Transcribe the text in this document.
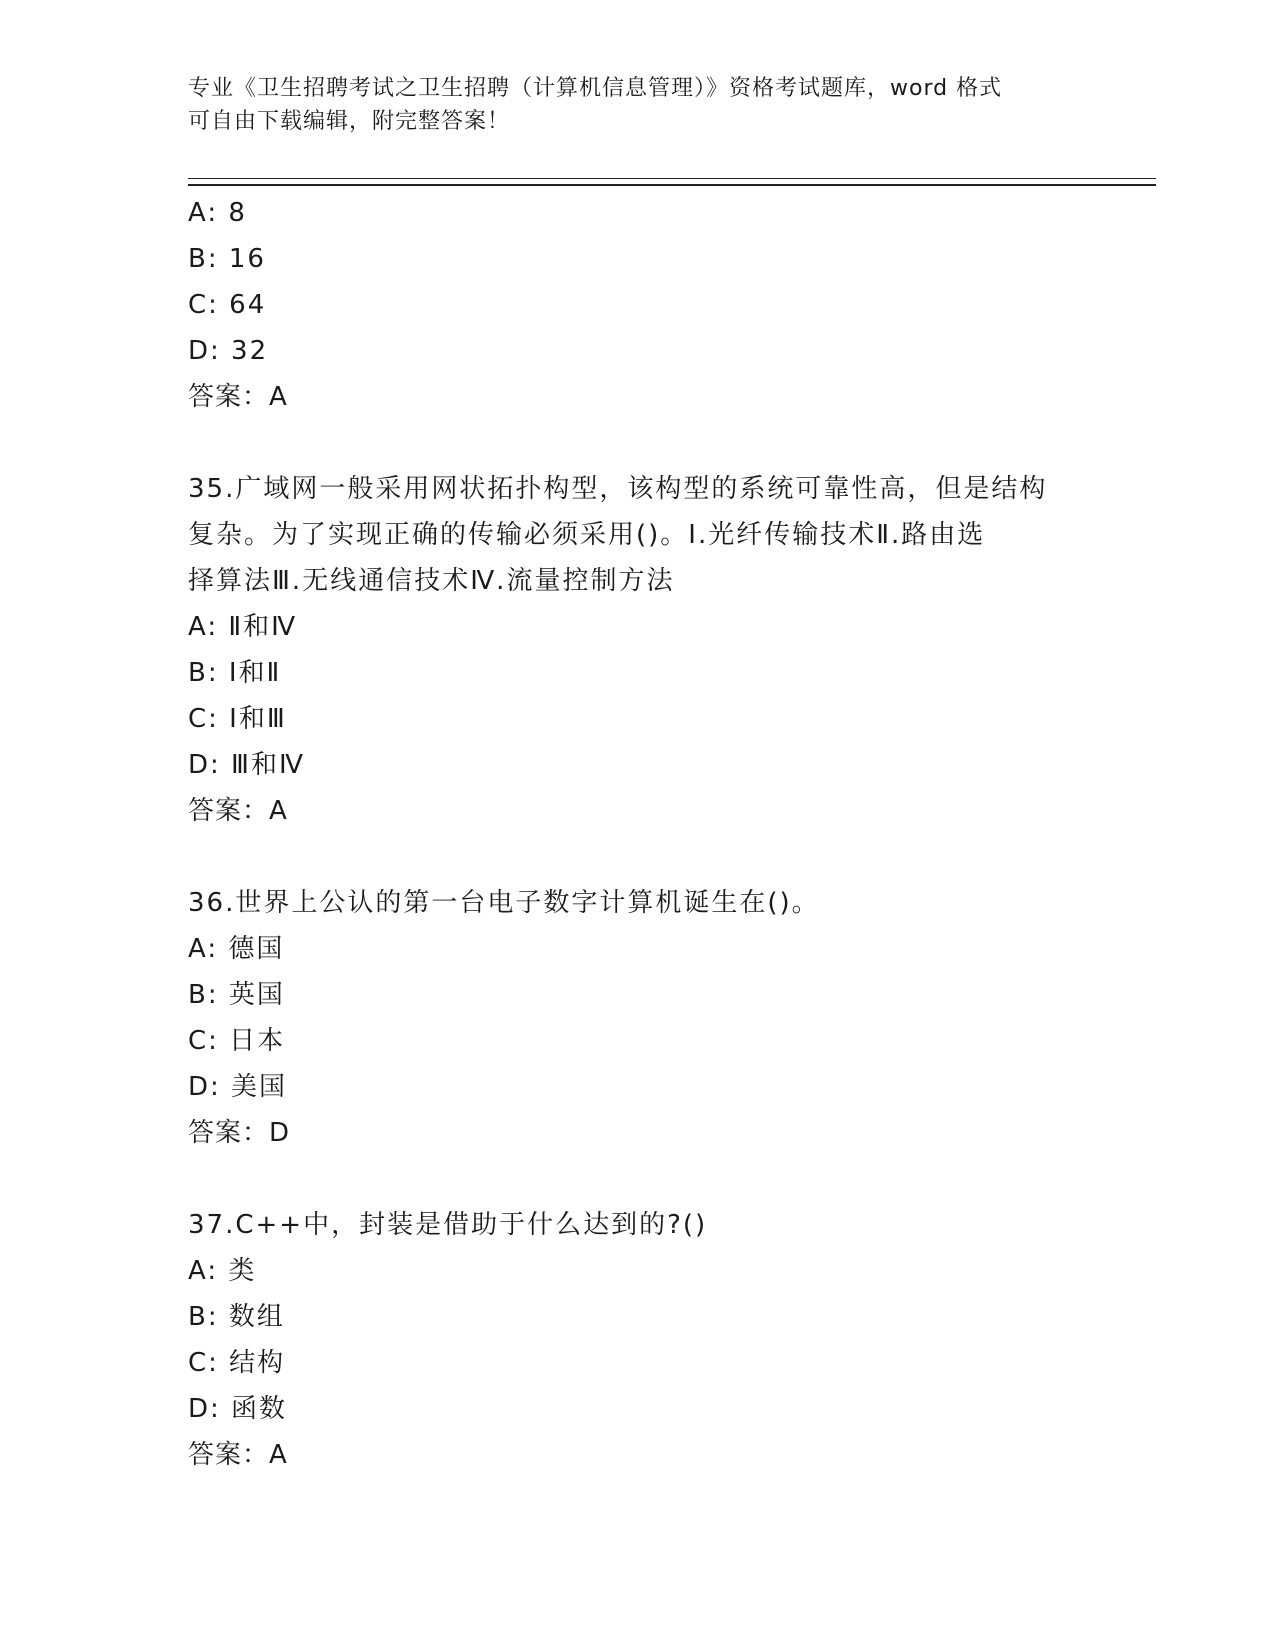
专业《卫生招聘考试之卫生招聘（计算机信息管理）》资格考试题库，word 格式
可自由下载编辑，附完整答案！
A: 8
B: 16
C: 64
D: 32
答案：A
35.广域网一般采用网状拓扑构型，该构型的系统可靠性高，但是结构
复杂。为了实现正确的传输必须采用()。Ⅰ.光纤传输技术Ⅱ.路由选
择算法Ⅲ.无线通信技术Ⅳ.流量控制方法
A: Ⅱ和Ⅳ
B: Ⅰ和Ⅱ
C: Ⅰ和Ⅲ
D: Ⅲ和Ⅳ
答案：A
36.世界上公认的第一台电子数字计算机诞生在()。
A: 德国
B: 英国
C: 日本
D: 美国
答案：D
37.C++中，封装是借助于什么达到的?()
A: 类
B: 数组
C: 结构
D: 函数
答案：A
